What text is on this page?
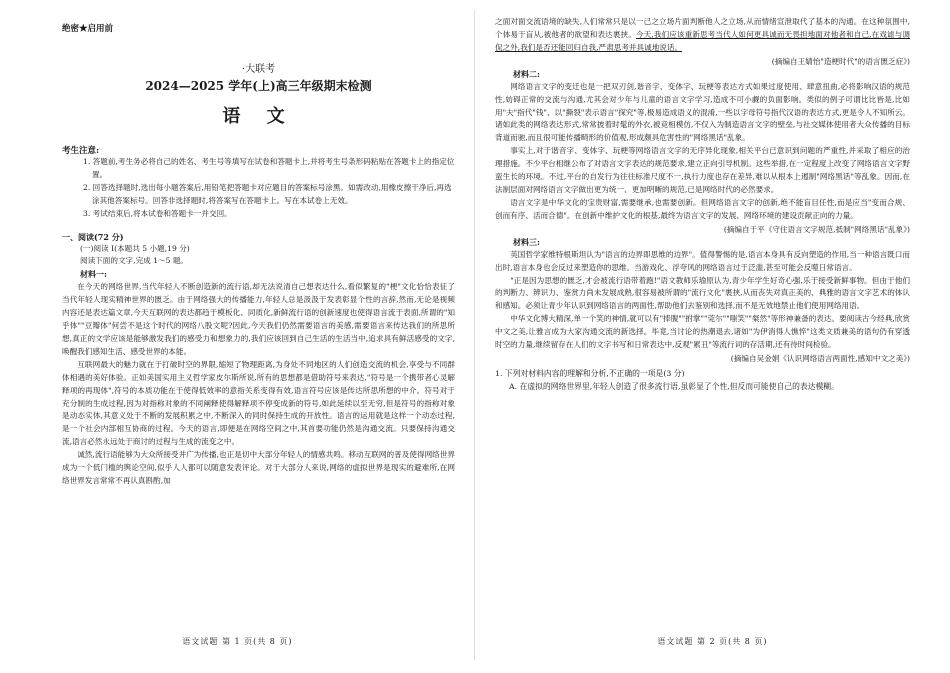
绝密★启用前

·大联考

2024—2025 学年(上)高三年级期末检测

语 文

考生注意:

1. 答题前,考生务必将自己的姓名、考生号等填写在试卷和答题卡上,并将考生号条形码粘贴在答题卡上的指定位置。

2. 回答选择题时,选出每小题答案后,用铅笔把答题卡对应题目的答案标号涂黑。如需改动,用橡皮擦干净后,再选涂其他答案标号。回答非选择题时,将答案写在答题卡上。写在本试卷上无效。

3. 考试结束后,将本试卷和答题卡一并交回。

一、阅读(72 分)

(一)阅读 I(本题共 5 小题,19 分)

阅读下面的文字,完成 1～5 题。

材料一:

在今天的网络世界,当代年轻人不断创造新的流行语,却无法说清自己想表达什么,看似繁复的"梗"文化恰恰表征了当代年轻人现实精神世界的匮乏。由于网络强大的传播能力,年轻人总是汲汲于发表彰显个性的言辞,然而,无论是视频内容还是表达篇文章,今天互联网的表达都趋于模板化、同质化,新鲜流行语的创新速度也使得语言流于表面,所谓的"知乎体""豆瓣体"何尝不是这个时代的网络八股文呢?因此,今天我们仍然需要语言的美感,需要语言来传达我们的所思所想,真正的文学应该是能够激发我们的感受力和想象力的,我们应该回到自己生活的生活当中,追求具有鲜活感受的文字,唤醒我们感知生活、感受世界的本能。

互联网最大的魅力就在于打破时空的界限,缩短了物理距离,为身处不同地区的人们创造交流的机会,享受与不同群体相遇的美好体验。正如美国实用主义哲学家皮尔斯所说,所有的思想都是借助符号来表达,"符号是一个携带者心灵解释项的再现体",符号的本质功能在于使得低效率的意指关系变得有效,语言符号应该是传达所思所想的中介。符号对于充分制的生成过程,因为对指称对象的不同阐释使得解释项不停变成新的符号,如此延续以至无穷,但是符号的指称对象是动态实体,其意义处于不断的发展积累之中,不断深入的同时保持生成的开放性。语言的运用就是这样一个动态过程,是一个社会内部相互协商的过程。今天的语言,即便是在网络空间之中,其首要功能仍然是沟通交流。只要保持沟通交流,语言必然永远处于商讨的过程与生成的流变之中。

诚然,流行语能够为大众所接受并广为传播,也正是切中大部分年轻人的情感共鸣。移动互联网的普及使得网络世界成为一个低门槛的舆论空间,似乎人人都可以随意发表评论。对于大部分人来说,网络的虚拟世界是现实的避难所,在网络世界发言常常不再认真斟酌,加

语文试题 第 1 页(共 8 页)

之面对面交流语境的缺失,人们常常只是以一己之立场片面判断他人之立场,从而情绪宣泄取代了基本的沟通。在这种氛围中,个体易于盲从,被他者的欲望和表达裹挟。今天,我们应该重新思考当代人如何更具诚而无畏担地面对他者和自己,在戏谑与调侃之外,我们是否还能回归自我,严肃思考并具诚地说话。

(摘编自王婧怡"造梗时代"的语言匮乏症》)

材料二:

网络语言文字的变迁也是一把双刃剑,谐音字、变体字、玩梗等表达方式如果过度使用、肆意扭曲,必将影响汉语的规范性,妨碍正常的交流与沟通,尤其会对少年与儿童的语言文字学习,造成不可小觑的负面影响。类似的例子可谓比比皆是,比如用"夫"指代"钱"、以"撕裂"表示语言"探究"等,极易造成语义的混淆,一些以字母符号指代汉语的表达方式,更是令人不知所云。诸如此类的网络表达形式,常常披着时髦的外衣,被竞相模仿,不仅入为制造语言文字的壁垒,与社交媒体使用者大众传播的目标背道而驰,而且很可能传播畸形的价值观,形成颇具危害性的"网络黑话"乱象。

事实上,对于谐音字、变体字、玩梗等网络语言文字的无序异化现象,相关平台已意识到问题的严重性,并采取了相应的治理措施。不少平台相继公布了对语言文字表达的规范要求,建立正向引导机制。这些举措,在一定程度上改变了网络语言文字野蛮生长的环境。不过,平台的自发行为往往标准尺度不一,执行力度也存在差异,难以从根本上遏制"网络黑话"等乱象。因而,在法制层面对网络语言文字做出更为统一、更加明晰的规范,已是网络时代的必然要求。

语言文字是中华文化的宝贵财富,需要继承,也需要创新。但网络语言文字的创新,绝不能盲目任性,而是应当"变而合规、创而有序、活而合德"。在创新中维护文化的根基,最终为语言文字的发展、网络环境的建设贡献正向的力量。

(摘编自于平《守住语言文字规范,抵制"网络黑话"乱象》)

材料三:

英国哲学家维特根斯坦认为"语言的边界即思维的边界"。值得警惕的是,语言本身具有反向塑造的作用,当一种语言既口而出时,语言本身也会反过来塑造你的思维。当游戏化、浮夸风的网络语言过于泛滥,甚至可能会反噬日常语言。

"正是因为思想的匮乏,才会被流行语带着跑!"语文教师乐瑜原认为,青少年学生好奇心强,乐于接受新鲜事物。但由于他们的判断力、辨识力、鉴赏力尚未发展成熟,很容易被所谓的"流行文化"裹挟,从而丧失对真正美的、典雅的语言文字艺术的体认和感知。必须让青少年认识到网络语言的两面性,帮助他们去鉴别和选择,而不是无效地禁止他们使用网络用语。

中华文化博大精深,单一个笑的神情,就可以有"捧腹""拊掌""莞尔""嗤笑""粲然"等形神兼备的表达。要阅读古今经典,欣赏中文之美,让雅言成为大家沟通交流的新选择。毕竟,当讨论的热潮退去,诸如"为伊消得人憔悴"这类文质兼美的语句仍有穿透时空的力量,继续留存在人们的文字书写和日常表达中,反观"累丑"等流行词的存活期,还有待时间检验。

(摘编自吴金娟《认识网络语言两面性,感知中文之美》)

1. 下列对材料内容的理解和分析,不正确的一项是(3 分)

A. 在虚拟的网络世界里,年轻人创造了很多流行语,虽彰显了个性,但反而可能使自己的表达模糊。

语文试题 第 2 页(共 8 页)
